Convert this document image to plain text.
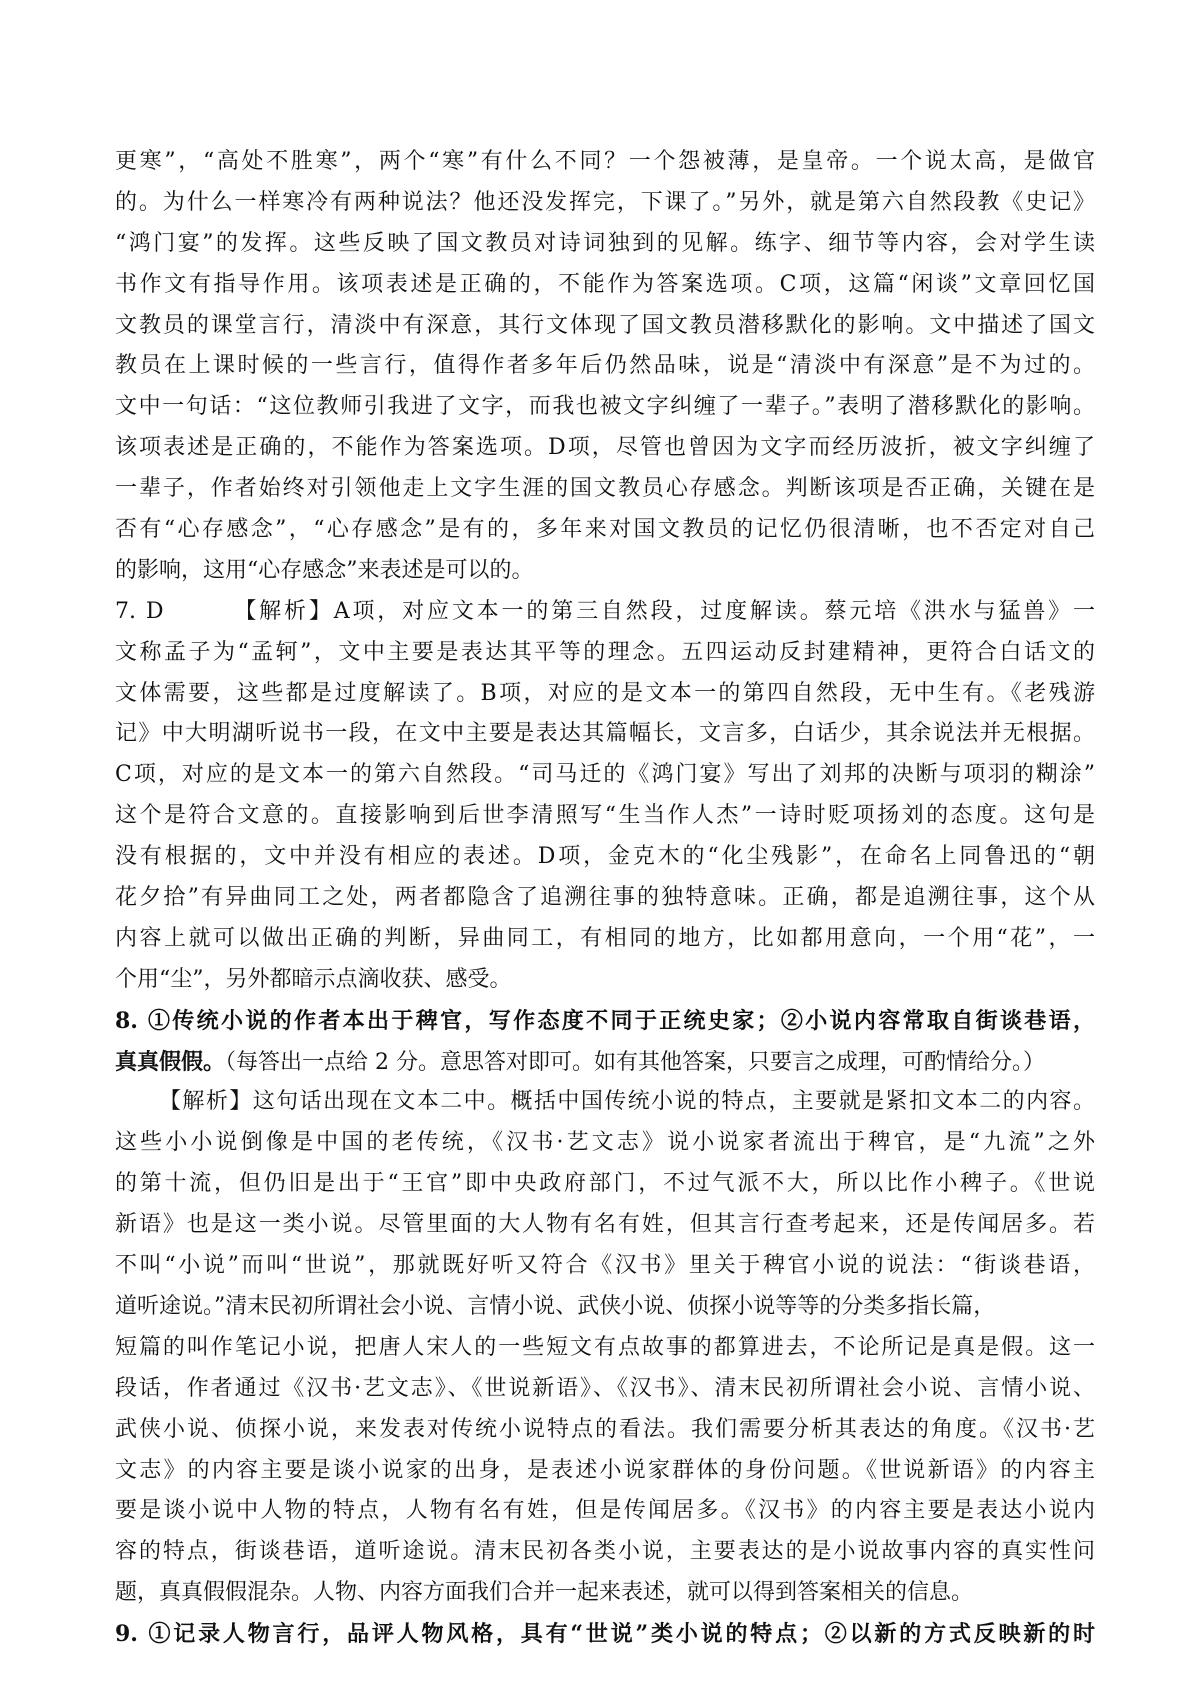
更寒”，“高处不胜寒”，两个“寒”有什么不同？一个怨被薄，是皇帝。一个说太高，是做官
的。为什么一样寒冷有两种说法？他还没发挥完，下课了。”另外，就是第六自然段教《史记》
“鸿门宴”的发挥。这些反映了国文教员对诗词独到的见解。练字、细节等内容，会对学生读
书作文有指导作用。该项表述是正确的，不能作为答案选项。C项，这篇“闲谈”文章回忆国
文教员的课堂言行，清淡中有深意，其行文体现了国文教员潜移默化的影响。文中描述了国文
教员在上课时候的一些言行，值得作者多年后仍然品味，说是“清淡中有深意”是不为过的。
文中一句话：“这位教师引我进了文字，而我也被文字纠缠了一辈子。”表明了潜移默化的影响。
该项表述是正确的，不能作为答案选项。D项，尽管也曾因为文字而经历波折，被文字纠缠了
一辈子，作者始终对引领他走上文字生涯的国文教员心存感念。判断该项是否正确，关键在是
否有“心存感念”，“心存感念”是有的，多年来对国文教员的记忆仍很清晰，也不否定对自己
的影响，这用“心存感念”来表述是可以的。
7. D	【解析】A项，对应文本一的第三自然段，过度解读。蔡元培《洪水与猛兽》一
文称孟子为“孟轲”，文中主要是表达其平等的理念。五四运动反封建精神，更符合白话文的
文体需要，这些都是过度解读了。B项，对应的是文本一的第四自然段，无中生有。《老残游
记》中大明湖听说书一段，在文中主要是表达其篇幅长，文言多，白话少，其余说法并无根据。
C项，对应的是文本一的第六自然段。“司马迁的《鸿门宴》写出了刘邦的决断与项羽的糊涂”
这个是符合文意的。直接影响到后世李清照写“生当作人杰”一诗时贬项扬刘的态度。这句是
没有根据的，文中并没有相应的表述。D项，金克木的“化尘残影”，在命名上同鲁迅的“朝
花夕拾”有异曲同工之处，两者都隐含了追溯往事的独特意味。正确，都是追溯往事，这个从
内容上就可以做出正确的判断，异曲同工，有相同的地方，比如都用意向，一个用“花”，一
个用“尘”，另外都暗示点滴收获、感受。
8. ①传统小说的作者本出于稗官，写作态度不同于正统史家；②小说内容常取自街谈巷语，
真真假假。（每答出一点给 2 分。意思答对即可。如有其他答案，只要言之成理，可酌情给分。）
【解析】这句话出现在文本二中。概括中国传统小说的特点，主要就是紧扣文本二的内容。
这些小小说倒像是中国的老传统，《汉书·艺文志》说小说家者流出于稗官，是“九流”之外
的第十流，但仍旧是出于“王官”即中央政府部门，不过气派不大，所以比作小稗子。《世说
新语》也是这一类小说。尽管里面的大人物有名有姓，但其言行查考起来，还是传闻居多。若
不叫“小说”而叫“世说”，那就既好听又符合《汉书》里关于稗官小说的说法：“街谈巷语，
道听途说。”清末民初所谓社会小说、言情小说、武侠小说、侦探小说等等的分类多指长篇，
短篇的叫作笔记小说，把唐人宋人的一些短文有点故事的都算进去，不论所记是真是假。这一
段话，作者通过《汉书·艺文志》、《世说新语》、《汉书》、清末民初所谓社会小说、言情小说、
武侠小说、侦探小说，来发表对传统小说特点的看法。我们需要分析其表达的角度。《汉书·艺
文志》的内容主要是谈小说家的出身，是表述小说家群体的身份问题。《世说新语》的内容主
要是谈小说中人物的特点，人物有名有姓，但是传闻居多。《汉书》的内容主要是表达小说内
容的特点，街谈巷语，道听途说。清末民初各类小说，主要表达的是小说故事内容的真实性问
题，真真假假混杂。人物、内容方面我们合并一起来表述，就可以得到答案相关的信息。
9. ①记录人物言行，品评人物风格，具有“世说”类小说的特点；②以新的方式反映新的时
